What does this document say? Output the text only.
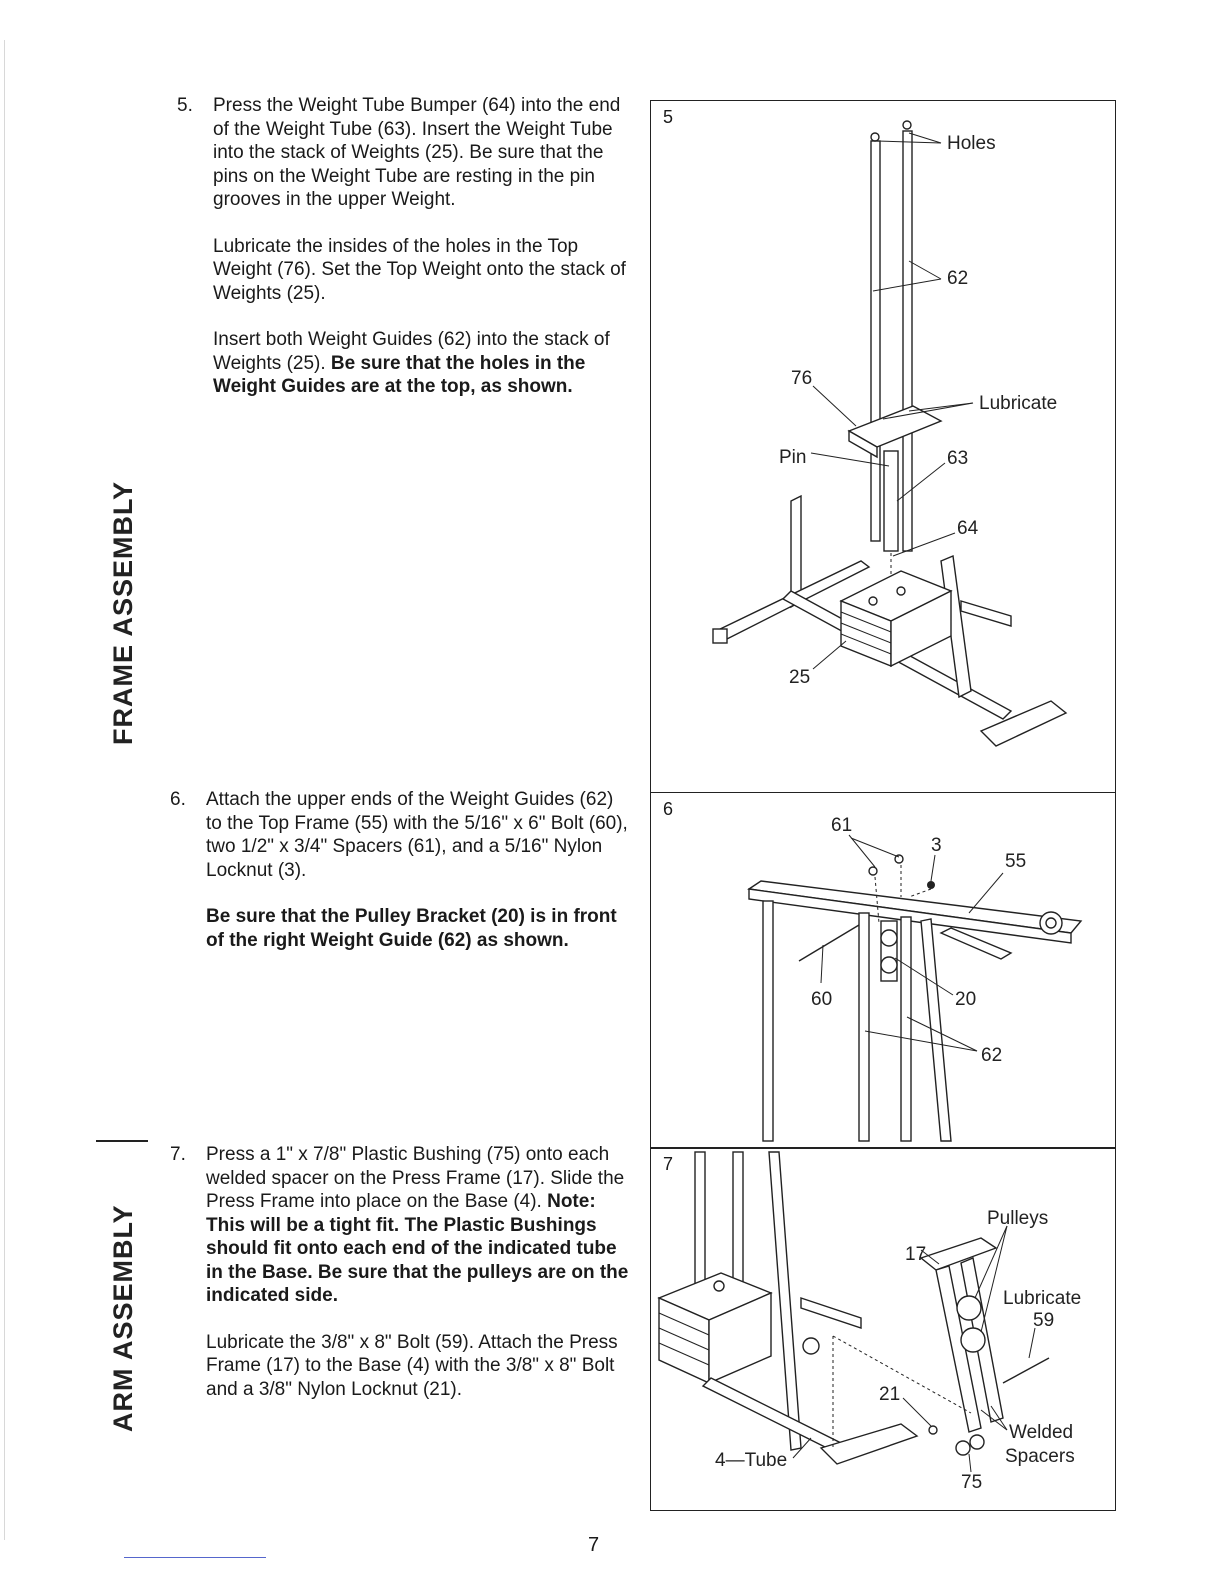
FRAME ASSEMBLY
ARM ASSEMBLY
5. Press the Weight Tube Bumper (64) into the end of the Weight Tube (63). Insert the Weight Tube into the stack of Weights (25). Be sure that the pins on the Weight Tube are resting in the pin grooves in the upper Weight.

Lubricate the insides of the holes in the Top Weight (76). Set the Top Weight onto the stack of Weights (25).

Insert both Weight Guides (62) into the stack of Weights (25). Be sure that the holes in the Weight Guides are at the top, as shown.

6. Attach the upper ends of the Weight Guides (62) to the Top Frame (55) with the 5/16" x 6" Bolt (60), two 1/2" x 3/4" Spacers (61), and a 5/16" Nylon Locknut (3).

Be sure that the Pulley Bracket (20) is in front of the right Weight Guide (62) as shown.

7. Press a 1" x 7/8" Plastic Bushing (75) onto each welded spacer on the Press Frame (17). Slide the Press Frame into place on the Base (4). Note: This will be a tight fit. The Plastic Bushings should fit onto each end of the indicated tube in the Base. Be sure that the pulleys are on the indicated side.

Lubricate the 3/8" x 8" Bolt (59). Attach the Press Frame (17) to the Base (4) with the 3/8" x 8" Bolt and a 3/8" Nylon Locknut (21).

5
Holes
62
76
Lubricate
Pin	63
64
25
6
61
3
55
60	20
62
7
Pulleys
17
Lubricate
59
21
Welded
Spacers
4—Tube
75
7
